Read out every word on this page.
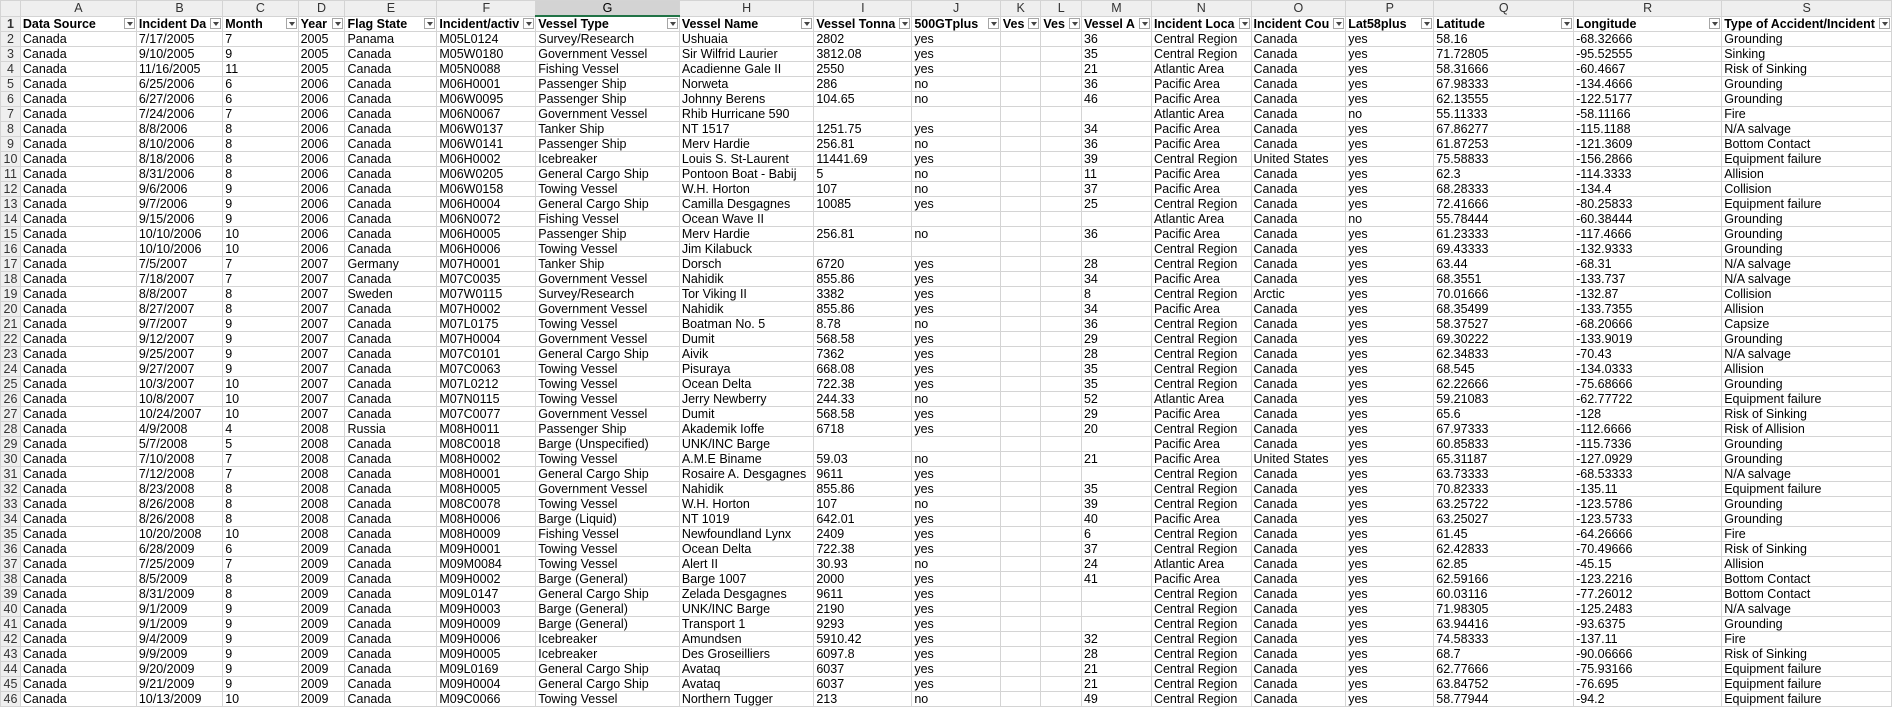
	A	B	C	D	E	F	G	H	I	J	K	L	M	N	O	P	Q	R	S
1	Data Source	Incident Da	Month	Year	Flag State	Incident/activ	Vessel Type	Vessel Name	Vessel Tonna	500GTplus	Ves	Ves	Vessel A	Incident Loca	Incident Cou	Lat58plus	Latitude	Longitude	Type of Accident/Incident

2	Canada	7/17/2005	7	2005	Panama	M05L0124	Survey/Research	Ushuaia	2802	yes			36	Central Region	Canada	yes	58.16	-68.32666	Grounding
3	Canada	9/10/2005	9	2005	Canada	M05W0180	Government Vessel	Sir Wilfrid Laurier	3812.08	yes			35	Central Region	Canada	yes	71.72805	-95.52555	Sinking
4	Canada	11/16/2005	11	2005	Canada	M05N0088	Fishing Vessel	Acadienne Gale II	2550	yes			21	Atlantic Area	Canada	yes	58.31666	-60.4667	Risk of Sinking
5	Canada	6/25/2006	6	2006	Canada	M06H0001	Passenger Ship	Norweta	286	no			36	Pacific Area	Canada	yes	67.98333	-134.4666	Grounding
6	Canada	6/27/2006	6	2006	Canada	M06W0095	Passenger Ship	Johnny Berens	104.65	no			46	Pacific Area	Canada	yes	62.13555	-122.5177	Grounding
7	Canada	7/24/2006	7	2006	Canada	M06N0067	Government Vessel	Rhib Hurricane 590						Atlantic Area	Canada	no	55.11333	-58.11166	Fire
8	Canada	8/8/2006	8	2006	Canada	M06W0137	Tanker Ship	NT 1517	1251.75	yes			34	Pacific Area	Canada	yes	67.86277	-115.1188	N/A salvage
9	Canada	8/10/2006	8	2006	Canada	M06W0141	Passenger Ship	Merv Hardie	256.81	no			36	Pacific Area	Canada	yes	61.87253	-121.3609	Bottom Contact
10	Canada	8/18/2006	8	2006	Canada	M06H0002	Icebreaker	Louis S. St-Laurent	11441.69	yes			39	Central Region	United States	yes	75.58833	-156.2866	Equipment failure
11	Canada	8/31/2006	8	2006	Canada	M06W0205	General Cargo Ship	Pontoon Boat - Babij	5	no			11	Pacific Area	Canada	yes	62.3	-114.3333	Allision
12	Canada	9/6/2006	9	2006	Canada	M06W0158	Towing Vessel	W.H. Horton	107	no			37	Pacific Area	Canada	yes	68.28333	-134.4	Collision
13	Canada	9/7/2006	9	2006	Canada	M06H0004	General Cargo Ship	Camilla Desgagnes	10085	yes			25	Central Region	Canada	yes	72.41666	-80.25833	Equipment failure
14	Canada	9/15/2006	9	2006	Canada	M06N0072	Fishing Vessel	Ocean Wave II						Atlantic Area	Canada	no	55.78444	-60.38444	Grounding
15	Canada	10/10/2006	10	2006	Canada	M06H0005	Passenger Ship	Merv Hardie	256.81	no			36	Pacific Area	Canada	yes	61.23333	-117.4666	Grounding
16	Canada	10/10/2006	10	2006	Canada	M06H0006	Towing Vessel	Jim Kilabuck						Central Region	Canada	yes	69.43333	-132.9333	Grounding
17	Canada	7/5/2007	7	2007	Germany	M07H0001	Tanker Ship	Dorsch	6720	yes			28	Central Region	Canada	yes	63.44	-68.31	N/A salvage
18	Canada	7/18/2007	7	2007	Canada	M07C0035	Government Vessel	Nahidik	855.86	yes			34	Pacific Area	Canada	yes	68.3551	-133.737	N/A salvage
19	Canada	8/8/2007	8	2007	Sweden	M07W0115	Survey/Research	Tor Viking II	3382	yes			8	Central Region	Arctic	yes	70.01666	-132.87	Collision
20	Canada	8/27/2007	8	2007	Canada	M07H0002	Government Vessel	Nahidik	855.86	yes			34	Pacific Area	Canada	yes	68.35499	-133.7355	Allision
21	Canada	9/7/2007	9	2007	Canada	M07L0175	Towing Vessel	Boatman No. 5	8.78	no			36	Central Region	Canada	yes	58.37527	-68.20666	Capsize
22	Canada	9/12/2007	9	2007	Canada	M07H0004	Government Vessel	Dumit	568.58	yes			29	Central Region	Canada	yes	69.30222	-133.9019	Grounding
23	Canada	9/25/2007	9	2007	Canada	M07C0101	General Cargo Ship	Aivik	7362	yes			28	Central Region	Canada	yes	62.34833	-70.43	N/A salvage
24	Canada	9/27/2007	9	2007	Canada	M07C0063	Towing Vessel	Pisuraya	668.08	yes			35	Central Region	Canada	yes	68.545	-134.0333	Allision
25	Canada	10/3/2007	10	2007	Canada	M07L0212	Towing Vessel	Ocean Delta	722.38	yes			35	Central Region	Canada	yes	62.22666	-75.68666	Grounding
26	Canada	10/8/2007	10	2007	Canada	M07N0115	Towing Vessel	Jerry Newberry	244.33	no			52	Atlantic Area	Canada	yes	59.21083	-62.77722	Equipment failure
27	Canada	10/24/2007	10	2007	Canada	M07C0077	Government Vessel	Dumit	568.58	yes			29	Pacific Area	Canada	yes	65.6	-128	Risk of Sinking
28	Canada	4/9/2008	4	2008	Russia	M08H0011	Passenger Ship	Akademik Ioffe	6718	yes			20	Central Region	Canada	yes	67.97333	-112.6666	Risk of Allision
29	Canada	5/7/2008	5	2008	Canada	M08C0018	Barge (Unspecified)	UNK/INC Barge						Pacific Area	Canada	yes	60.85833	-115.7336	Grounding
30	Canada	7/10/2008	7	2008	Canada	M08H0002	Towing Vessel	A.M.E Biname	59.03	no			21	Pacific Area	United States	yes	65.31187	-127.0929	Grounding
31	Canada	7/12/2008	7	2008	Canada	M08H0001	General Cargo Ship	Rosaire A. Desgagnes	9611	yes				Central Region	Canada	yes	63.73333	-68.53333	N/A salvage
32	Canada	8/23/2008	8	2008	Canada	M08H0005	Government Vessel	Nahidik	855.86	yes			35	Central Region	Canada	yes	70.82333	-135.11	Equipment failure
33	Canada	8/26/2008	8	2008	Canada	M08C0078	Towing Vessel	W.H. Horton	107	no			39	Central Region	Canada	yes	63.25722	-123.5786	Grounding
34	Canada	8/26/2008	8	2008	Canada	M08H0006	Barge (Liquid)	NT 1019	642.01	yes			40	Pacific Area	Canada	yes	63.25027	-123.5733	Grounding
35	Canada	10/20/2008	10	2008	Canada	M08H0009	Fishing Vessel	Newfoundland Lynx	2409	yes			6	Central Region	Canada	yes	61.45	-64.26666	Fire
36	Canada	6/28/2009	6	2009	Canada	M09H0001	Towing Vessel	Ocean Delta	722.38	yes			37	Central Region	Canada	yes	62.42833	-70.49666	Risk of Sinking
37	Canada	7/25/2009	7	2009	Canada	M09M0084	Towing Vessel	Alert II	30.93	no			24	Atlantic Area	Canada	yes	62.85	-45.15	Allision
38	Canada	8/5/2009	8	2009	Canada	M09H0002	Barge (General)	Barge 1007	2000	yes			41	Pacific Area	Canada	yes	62.59166	-123.2216	Bottom Contact
39	Canada	8/31/2009	8	2009	Canada	M09L0147	General Cargo Ship	Zelada Desgagnes	9611	yes				Central Region	Canada	yes	60.03116	-77.26012	Bottom Contact
40	Canada	9/1/2009	9	2009	Canada	M09H0003	Barge (General)	UNK/INC Barge	2190	yes				Central Region	Canada	yes	71.98305	-125.2483	N/A salvage
41	Canada	9/1/2009	9	2009	Canada	M09H0009	Barge (General)	Transport 1	9293	yes				Central Region	Canada	yes	63.94416	-93.6375	Grounding
42	Canada	9/4/2009	9	2009	Canada	M09H0006	Icebreaker	Amundsen	5910.42	yes			32	Central Region	Canada	yes	74.58333	-137.11	Fire
43	Canada	9/9/2009	9	2009	Canada	M09H0005	Icebreaker	Des Groseilliers	6097.8	yes			28	Central Region	Canada	yes	68.7	-90.06666	Risk of Sinking
44	Canada	9/20/2009	9	2009	Canada	M09L0169	General Cargo Ship	Avataq	6037	yes			21	Central Region	Canada	yes	62.77666	-75.93166	Equipment failure
45	Canada	9/21/2009	9	2009	Canada	M09H0004	General Cargo Ship	Avataq	6037	yes			21	Central Region	Canada	yes	63.84752	-76.695	Equipment failure
46	Canada	10/13/2009	10	2009	Canada	M09C0066	Towing Vessel	Northern Tugger	213	no			49	Central Region	Canada	yes	58.77944	-94.2	Equipment failure
